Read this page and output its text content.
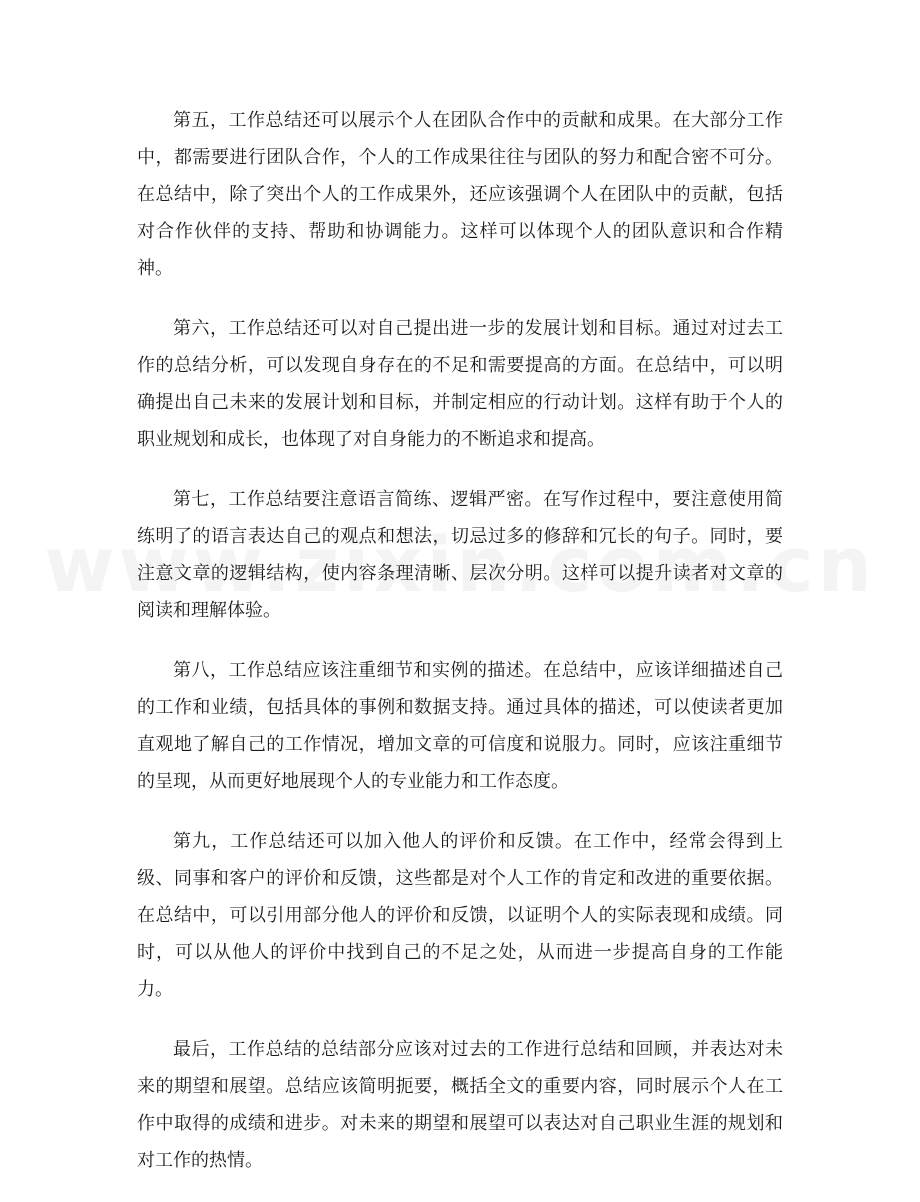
第五，工作总结还可以展示个人在团队合作中的贡献和成果。在大部分工作中，都需要进行团队合作，个人的工作成果往往与团队的努力和配合密不可分。在总结中，除了突出个人的工作成果外，还应该强调个人在团队中的贡献，包括对合作伙伴的支持、帮助和协调能力。这样可以体现个人的团队意识和合作精神。

第六，工作总结还可以对自己提出进一步的发展计划和目标。通过对过去工作的总结分析，可以发现自身存在的不足和需要提高的方面。在总结中，可以明确提出自己未来的发展计划和目标，并制定相应的行动计划。这样有助于个人的职业规划和成长，也体现了对自身能力的不断追求和提高。

第七，工作总结要注意语言简练、逻辑严密。在写作过程中，要注意使用简练明了的语言表达自己的观点和想法，切忌过多的修辞和冗长的句子。同时，要注意文章的逻辑结构，使内容条理清晰、层次分明。这样可以提升读者对文章的阅读和理解体验。

第八，工作总结应该注重细节和实例的描述。在总结中，应该详细描述自己的工作和业绩，包括具体的事例和数据支持。通过具体的描述，可以使读者更加直观地了解自己的工作情况，增加文章的可信度和说服力。同时，应该注重细节的呈现，从而更好地展现个人的专业能力和工作态度。

第九，工作总结还可以加入他人的评价和反馈。在工作中，经常会得到上级、同事和客户的评价和反馈，这些都是对个人工作的肯定和改进的重要依据。在总结中，可以引用部分他人的评价和反馈，以证明个人的实际表现和成绩。同时，可以从他人的评价中找到自己的不足之处，从而进一步提高自身的工作能力。

最后，工作总结的总结部分应该对过去的工作进行总结和回顾，并表达对未来的期望和展望。总结应该简明扼要，概括全文的重要内容，同时展示个人在工作中取得的成绩和进步。对未来的期望和展望可以表达对自己职业生涯的规划和对工作的热情。
